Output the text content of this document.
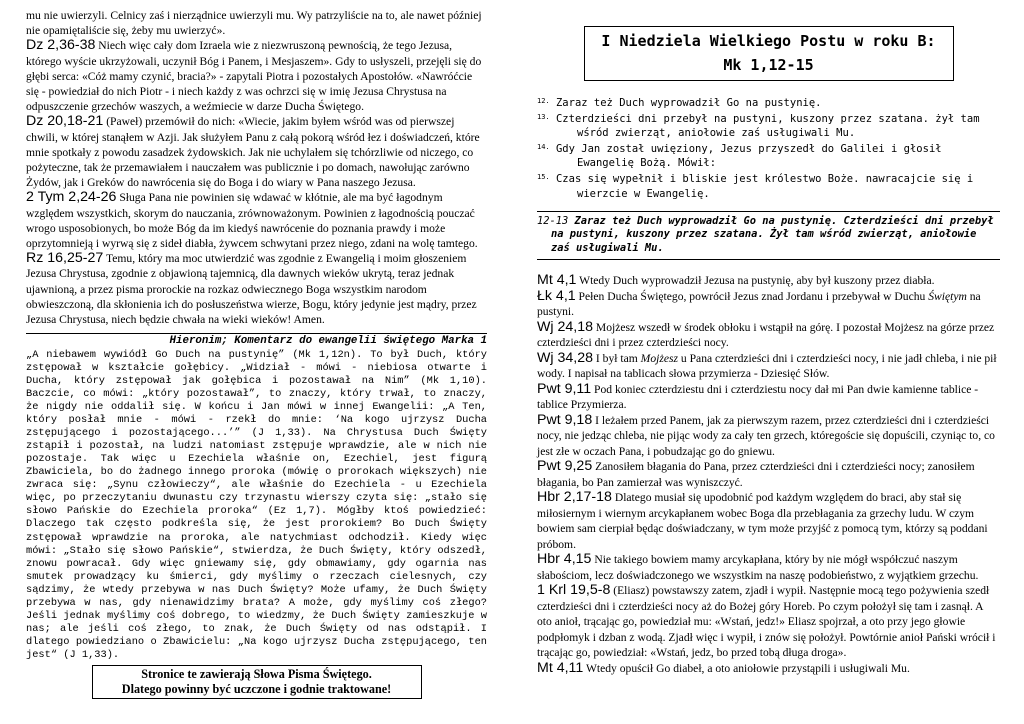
mu nie uwierzyli. Celnicy zaś i nierządnice uwierzyli mu. Wy patrzyliście na to, ale nawet później nie opamiętaliście się, żeby mu uwierzyć».

Dz 2,36-38 Niech więc cały dom Izraela wie z niezwruszoną pewnością, że tego Jezusa, którego wyście ukrzyżowali, uczynił Bóg i Panem, i Mesjaszem». Gdy to usłyszeli, przejęli się do głębi serca: «Cóż mamy czynić, bracia?» - zapytali Piotra i pozostałych Apostołów. «Nawróćcie się - powiedział do nich Piotr - i niech każdy z was ochrzci się w imię Jezusa Chrystusa na odpuszczenie grzechów waszych, a weźmiecie w darze Ducha Świętego.

Dz 20,18-21 (Paweł) przemówił do nich: «Wiecie, jakim byłem wśród was od pierwszej chwili, w której stanąłem w Azji. Jak służyłem Panu z całą pokorą wśród łez i doświadczeń, które mnie spotkały z powodu zasadzek żydowskich. Jak nie uchylałem się tchórzliwie od niczego, co pożyteczne, tak że przemawiałem i nauczałem was publicznie i po domach, nawołując zarówno Żydów, jak i Greków do nawrócenia się do Boga i do wiary w Pana naszego Jezusa.

2 Tym 2,24-26 Sługa Pana nie powinien się wdawać w kłótnie, ale ma być łagodnym względem wszystkich, skorym do nauczania, zrównoważonym. Powinien z łagodnością pouczać wrogo usposobionych, bo może Bóg da im kiedyś nawrócenie do poznania prawdy i może oprzytomnieją i wyrwą się z sideł diabła, żywcem schwytani przez niego, zdani na wolę tamtego.

Rz 16,25-27 Temu, który ma moc utwierdzić was zgodnie z Ewangelią i moim głoszeniem Jezusa Chrystusa, zgodnie z objawioną tajemnicą, dla dawnych wieków ukrytą, teraz jednak ujawnioną, a przez pisma prorockie na rozkaz odwiecznego Boga wszystkim narodom obwieszczoną, dla skłonienia ich do posłuszeństwa wierze, Bogu, który jedynie jest mądry, przez Jezusa Chrystusa, niech będzie chwała na wieki wieków! Amen.

Hieronim; Komentarz do ewangelii świętego Marka 1
„A niebawem wywiódł Go Duch na pustynię” (Mk 1,12n). To był Duch, który zstępował w kształcie gołębicy. „Widział - mówi - niebiosa otwarte i Ducha, który zstępował jak gołębica i pozostawał na Nim” (Mk 1,10). Baczcie, co mówi: „który pozostawał”, to znaczy, który trwał, to znaczy, że nigdy nie oddalił się. W końcu i Jan mówi w innej Ewangelii: „A Ten, który posłał mnie - mówi - rzekł do mnie: ‘Na kogo ujrzysz Ducha zstępującego i pozostającego...’” (J 1,33). Na Chrystusa Duch Święty zstąpił i pozostał, na ludzi natomiast zstępuje wprawdzie, ale w nich nie pozostaje. Tak więc u Ezechiela właśnie on, Ezechiel, jest figurą Zbawiciela, bo do żadnego innego proroka (mówię o prorokach większych) nie zwraca się: „Synu człowieczy“, ale właśnie do Ezechiela - u Ezechiela więc, po przeczytaniu dwunastu czy trzynastu wierszy czyta się: „stało się słowo Pańskie do Ezechiela proroka“ (Ez 1,7). Mógłby ktoś powiedzieć: Dlaczego tak często podkreśla się, że jest prorokiem? Bo Duch Święty zstępował wprawdzie na proroka, ale natychmiast odchodził. Kiedy więc mówi: „Stało się słowo Pańskie“, stwierdza, że Duch Święty, który odszedł, znowu powracał. Gdy więc gniewamy się, gdy obmawiamy, gdy ogarnia nas smutek prowadzący ku śmierci, gdy myślimy o rzeczach cielesnych, czy sądzimy, że wtedy przebywa w nas Duch Święty? Może ufamy, że Duch Święty przebywa w nas, gdy nienawidzimy brata? A może, gdy myślimy coś złego? Jeśli jednak myślimy coś dobrego, to wiedzmy, że Duch Święty zamieszkuje w nas; ale jeśli coś złego, to znak, że Duch Święty od nas odstąpił. I dlatego powiedziano o Zbawicielu: „Na kogo ujrzysz Ducha zstępującego, ten jest“ (J 1,33).
Stronice te zawierają Słowa Pisma Świętego.
Dlatego powinny być uczczone i godnie traktowane!
I Niedziela Wielkiego Postu w roku B:
Mk 1,12-15
$^{12.}$ Zaraz też Duch wyprowadził Go na pustynię.
$^{13.}$ Czterdzieści dni przebył na pustyni, kuszony przez szatana. żył tam wśród zwierząt, aniołowie zaś usługiwali Mu.
$^{14.}$ Gdy Jan został uwięziony, Jezus przyszedł do Galilei i głosił Ewangelię Bożą. Mówił:
$^{15.}$ Czas się wypełnił i bliskie jest królestwo Boże. nawracajcie się i wierzcie w Ewangelię.
12-13 Zaraz też Duch wyprowadził Go na pustynię. Czterdzieści dni przebył na pustyni, kuszony przez szatana. Żył tam wśród zwierząt, aniołowie zaś usługiwali Mu.

Mt 4,1 Wtedy Duch wyprowadził Jezusa na pustynię, aby był kuszony przez diabła.

Łk 4,1 Pełen Ducha Świętego, powrócił Jezus znad Jordanu i przebywał w Duchu Świętym na pustyni.

Wj 24,18 Mojżesz wszedł w środek obłoku i wstąpił na górę. I pozostał Mojżesz na górze przez czterdzieści dni i przez czterdzieści nocy.

Wj 34,28 I był tam Mojżesz u Pana czterdzieści dni i czterdzieści nocy, i nie jadł chleba, i nie pił wody. I napisał na tablicach słowa przymierza - Dziesięć Słów.

Pwt 9,11 Pod koniec czterdziestu dni i czterdziestu nocy dał mi Pan dwie kamienne tablice - tablice Przymierza.

Pwt 9,18 I leżałem przed Panem, jak za pierwszym razem, przez czterdzieści dni i czterdzieści nocy, nie jedząc chleba, nie pijąc wody za cały ten grzech, któregoście się dopuścili, czyniąc to, co jest złe w oczach Pana, i pobudzając go do gniewu.

Pwt 9,25 Zanosiłem błagania do Pana, przez czterdzieści dni i czterdzieści nocy; zanosiłem błagania, bo Pan zamierzał was wyniszczyć.

Hbr 2,17-18 Dlatego musiał się upodobnić pod każdym względem do braci, aby stał się miłosiernym i wiernym arcykapłanem wobec Boga dla przebłagania za grzechy ludu. W czym bowiem sam cierpiał będąc doświadczany, w tym może przyjść z pomocą tym, którzy są poddani próbom.

Hbr 4,15 Nie takiego bowiem mamy arcykapłana, który by nie mógł współczuć naszym słabościom, lecz doświadczonego we wszystkim na naszę podobieństwo, z wyjątkiem grzechu.

1 Krl 19,5-8 (Eliasz) powstawszy zatem, zjadł i wypił. Następnie mocą tego pożywienia szedł czterdzieści dni i czterdzieści nocy aż do Bożej góry Horeb. Po czym położył się tam i zasnął. A oto anioł, trącając go, powiedział mu: «Wstań, jedz!» Eliasz spojrzał, a oto przy jego głowie podpłomyk i dzban z wodą. Zjadł więc i wypił, i znów się położył. Powtórnie anioł Pański wrócił i trącając go, powiedział: «Wstań, jedz, bo przed tobą długa droga».

Mt 4,11 Wtedy opuścił Go diabeł, a oto aniołowie przystąpili i usługiwali Mu.
